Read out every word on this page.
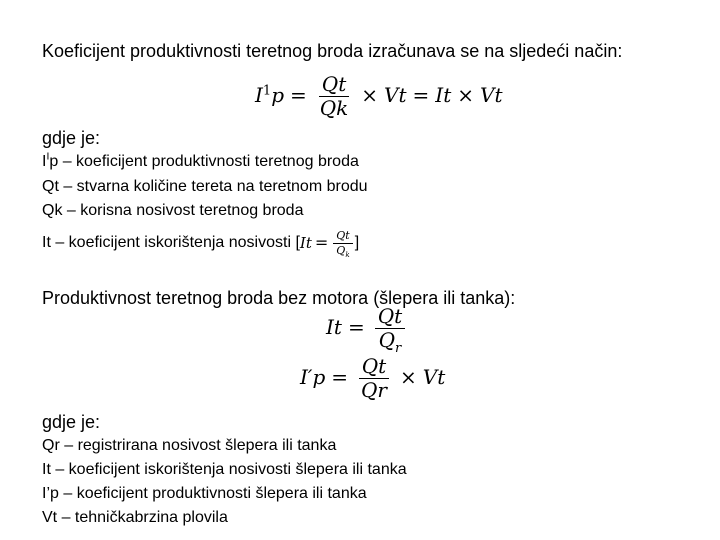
Koeficijent produktivnosti teretnog broda izračunava se na sljedeći način:
$I^1p = \frac{Qt}{Qk} \times Vt = It \times Vt$
gdje je:
$I^Ip$ – koeficijent produktivnosti teretnog broda
Qt – stvarna količine tereta na teretnom brodu
Qk – korisna nosivost teretnog broda
It – koeficijent iskorištenja nosivosti [ $It = \frac{Qt}{Q_k}$ ]
Produktivnost teretnog broda bez motora (šlepera ili tanka):
$It = \frac{Qt}{Q_r}$
$I'p = \frac{Qt}{Qr} \times Vt$
gdje je:
Qr – registrirana nosivost šlepera ili tanka
It – koeficijent iskorištenja nosivosti šlepera ili tanka
I’p – koeficijent produktivnosti šlepera ili tanka
Vt – tehničkabrzina plovila
